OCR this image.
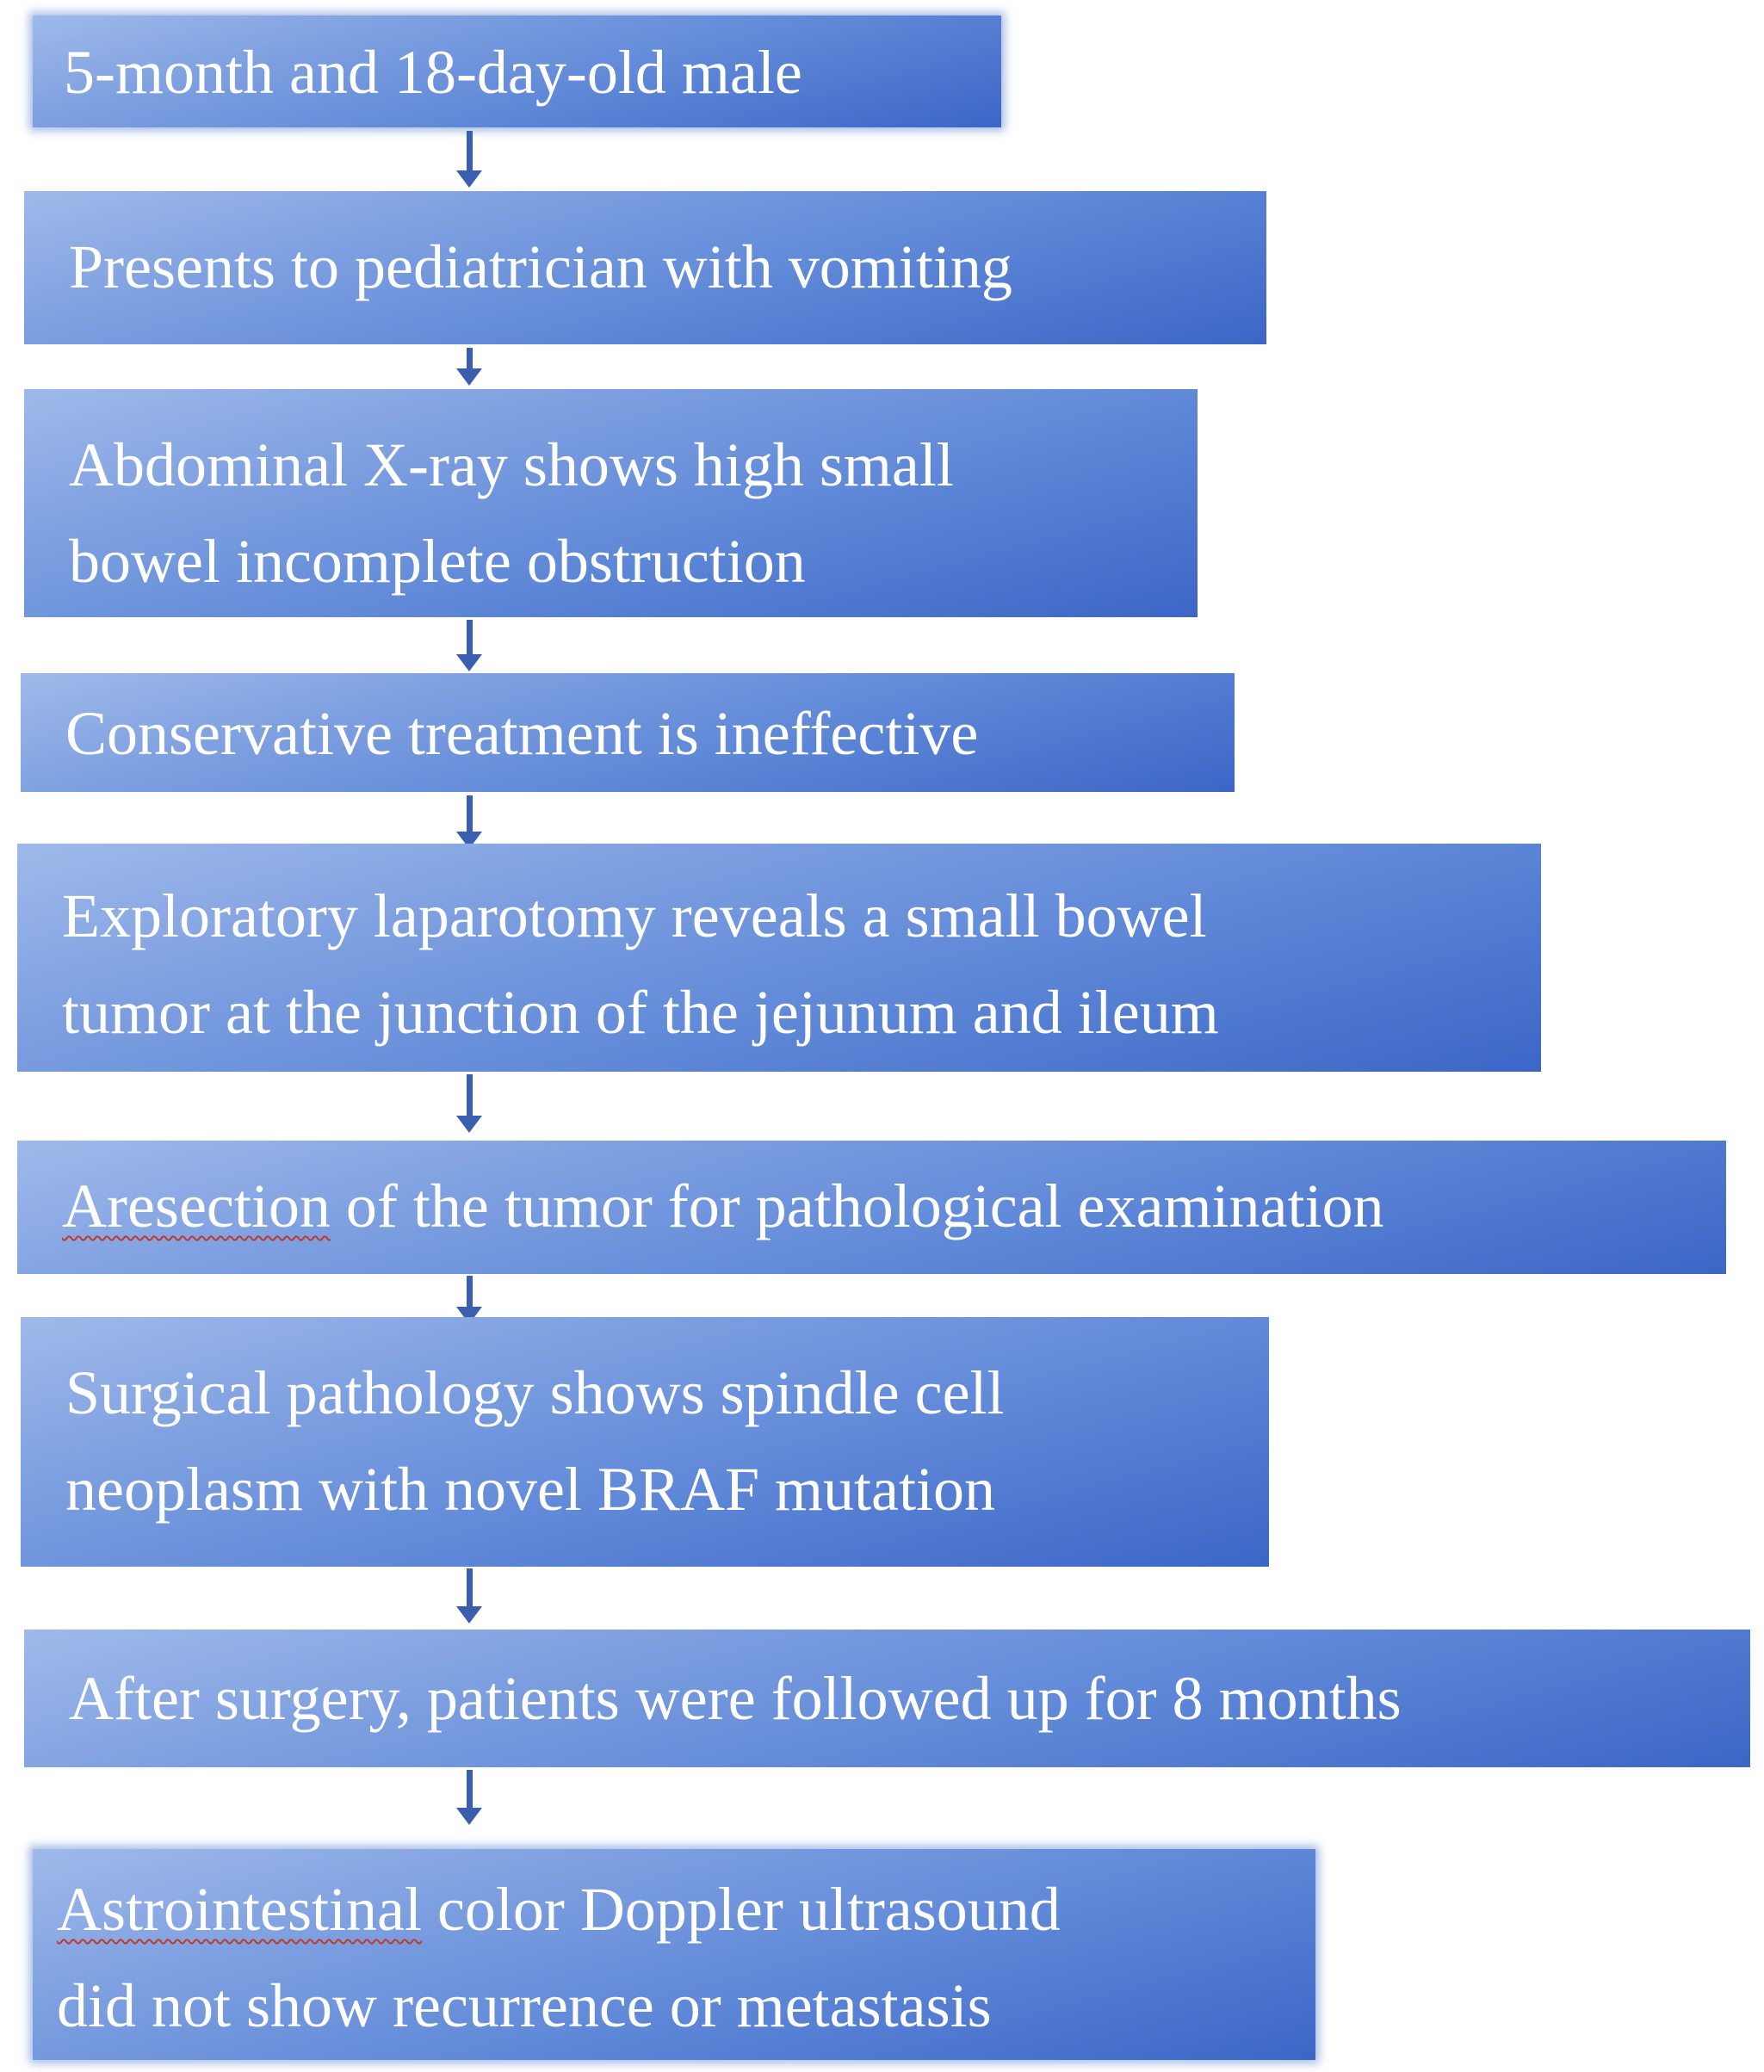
5-month and 18-day-old male
Presents to pediatrician with vomiting
Abdominal X-ray shows high small
bowel incomplete obstruction
Conservative treatment is ineffective
Exploratory laparotomy reveals a small bowel
tumor at the junction of the jejunum and ileum
Aresection of the tumor for pathological examination
Surgical pathology shows spindle cell
neoplasm with novel BRAF mutation
After surgery, patients were followed up for 8 months
Astrointestinal color Doppler ultrasound
did not show recurrence or metastasis
